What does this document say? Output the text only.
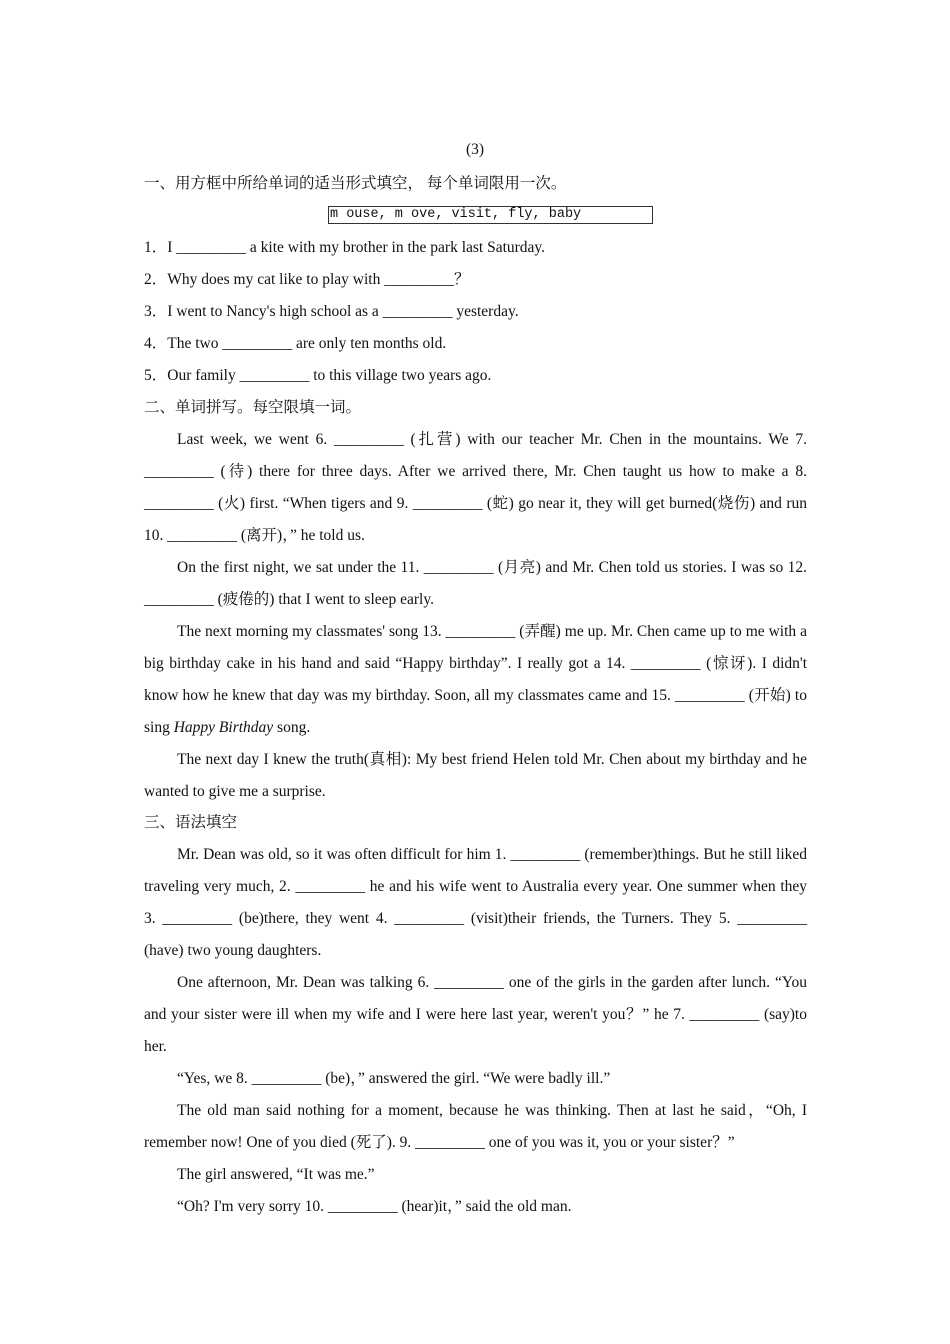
(3)
一、用方框中所给单词的适当形式填空， 每个单词限用一次。
m ouse, m ove, visit, fly, baby
1．I _________ a kite with my brother in the park last Saturday.
2．Why does my cat like to play with _________？
3．I went to Nancy's high school as a _________ yesterday.
4．The two _________ are only ten months old.
5．Our family _________ to this village two years ago.
二、单词拼写。每空限填一词。
Last week, we went 6. _________ (扎营) with our teacher Mr. Chen in the mountains. We 7. _________ (待) there for three days. After we arrived there, Mr. Chen taught us how to make a 8. _________ (火) first. “When tigers and 9. _________ (蛇) go near it, they will get burned(烧伤) and run 10. _________ (离开)，” he told us.
On the first night, we sat under the 11. _________ (月亮) and Mr. Chen told us stories. I was so 12. _________ (疲倦的) that I went to sleep early.
The next morning my classmates' song 13. _________ (弄醒) me up. Mr. Chen came up to me with a big birthday cake in his hand and said “Happy birthday”. I really got a 14. _________ (惊讶). I didn't know how he knew that day was my birthday. Soon, all my classmates came and 15. _________ (开始) to sing Happy Birthday song.
The next day I knew the truth(真相): My best friend Helen told Mr. Chen about my birthday and he wanted to give me a surprise.
三、语法填空
Mr. Dean was old, so it was often difficult for him 1. _________ (remember)things. But he still liked traveling very much, 2. _________ he and his wife went to Australia every year. One summer when they 3. _________ (be)there, they went 4. _________ (visit)their friends, the Turners. They 5. _________ (have) two young daughters.
One afternoon, Mr. Dean was talking 6. _________ one of the girls in the garden after lunch. “You and your sister were ill when my wife and I were here last year, weren't you？” he 7. _________ (say)to her.
“Yes, we 8. _________ (be)，” answered the girl. “We were badly ill.”
The old man said nothing for a moment, because he was thinking. Then at last he said，“Oh, I remember now! One of you died (死了). 9. _________ one of you was it, you or your sister？”
The girl answered, “It was me.”
“Oh? I'm very sorry 10. _________ (hear)it，” said the old man.
